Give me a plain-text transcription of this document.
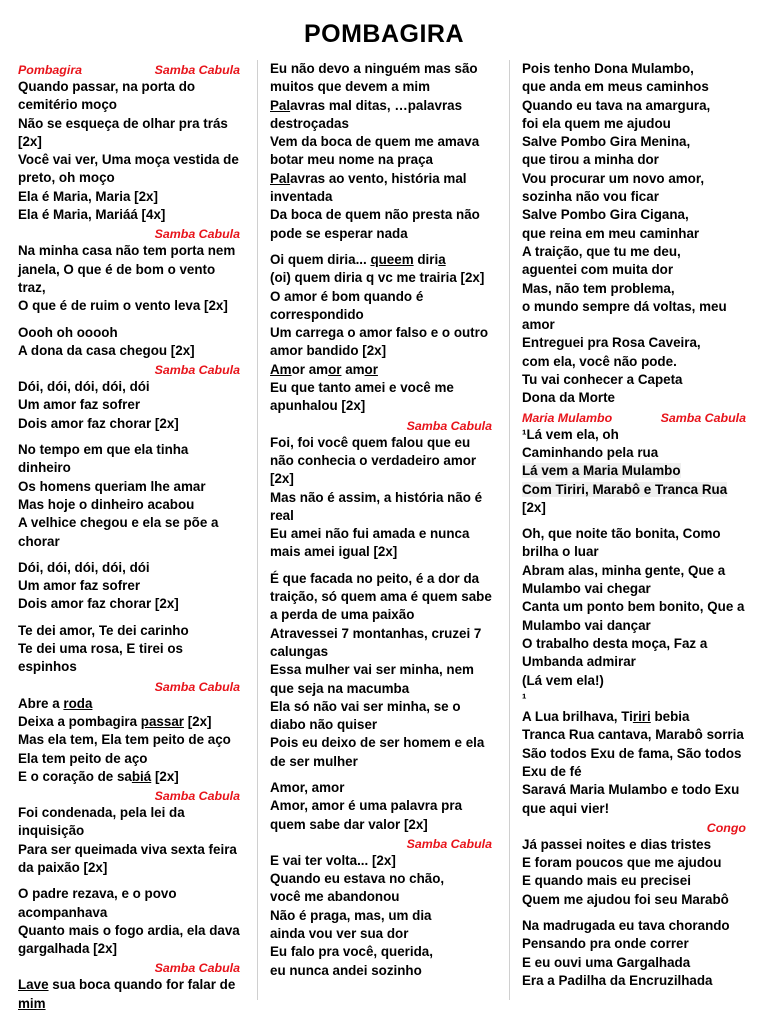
POMBAGIRA
Pombagira	Samba Cabula
Quando passar, na porta do cemitério moço
Não se esqueça de olhar pra trás [2x]
Você vai ver, Uma moça vestida de preto, oh moço
Ela é Maria, Maria [2x]
Ela é Maria, Mariáá [4x]
Samba Cabula
Na minha casa não tem porta nem janela, O que é de bom o vento traz,
O que é de ruim o vento leva [2x]
Oooh oh ooooh
A dona da casa chegou [2x]
Samba Cabula
Dói, dói, dói, dói, dói
Um amor faz sofrer
Dois amor faz chorar [2x]
No tempo em que ela tinha dinheiro
Os homens queriam lhe amar
Mas hoje o dinheiro acabou
A velhice chegou e ela se põe a chorar
Dói, dói, dói, dói, dói
Um amor faz sofrer
Dois amor faz chorar [2x]
Te dei amor, Te dei carinho
Te dei uma rosa, E tirei os espinhos
Samba Cabula
Abre a roda
Deixa a pombagira passar [2x]
Mas ela tem, Ela tem peito de aço
Ela tem peito de aço
E o coração de sabiá [2x]
Samba Cabula
Foi condenada, pela lei da inquisição
Para ser queimada viva sexta feira da paixão [2x]
O padre rezava, e o povo acompanhava
Quanto mais o fogo ardia, ela dava gargalhada [2x]
Samba Cabula
Lave sua boca quando for falar de mim
Eu não devo a ninguém mas são muitos que devem a mim
Palavras mal ditas, …palavras destroçadas
Vem da boca de quem me amava
botar meu nome na praça
Palavras ao vento, história mal inventada
Da boca de quem não presta não pode se esperar nada
Oi quem diria... queem diria
(oi) quem diria q vc me trairia [2x]
O amor é bom quando é correspondido
Um carrega o amor falso e o outro amor bandido [2x]
Amor amor amor
Eu que tanto amei e você me apunhalou [2x]
Samba Cabula
Foi, foi você quem falou que eu não conhecia o verdadeiro amor [2x]
Mas não é assim, a história não é real
Eu amei não fui amada e nunca mais amei igual [2x]
É que facada no peito, é a dor da traição, só quem ama é quem sabe a perda de uma paixão
Atravessei 7 montanhas, cruzei 7 calungas
Essa mulher vai ser minha, nem que seja na macumba
Ela só não vai ser minha, se o diabo não quiser
Pois eu deixo de ser homem e ela de ser mulher
Amor, amor
Amor, amor é uma palavra pra quem sabe dar valor [2x]
Samba Cabula
E vai ter volta... [2x]
Quando eu estava no chão,
você me abandonou
Não é praga, mas, um dia
ainda vou ver sua dor
Eu falo pra você, querida,
eu nunca andei sozinho
Pois tenho Dona Mulambo,
que anda em meus caminhos
Quando eu tava na amargura,
foi ela quem me ajudou
Salve Pombo Gira Menina,
que tirou a minha dor
Vou procurar um novo amor,
sozinha não vou ficar
Salve Pombo Gira Cigana,
que reina em meu caminhar
A traição, que tu me deu,
aguentei com muita dor
Mas, não tem problema,
o mundo sempre dá voltas, meu amor
Entreguei pra Rosa Caveira,
com ela, você não pode.
Tu vai conhecer a Capeta
Dona da Morte
Maria Mulambo	Samba Cabula
¹Lá vem ela, oh
Caminhando pela rua
Lá vem a Maria Mulambo
Com Tiriri, Marabô e Tranca Rua
[2x]
Oh, que noite tão bonita, Como brilha o luar
Abram alas, minha gente, Que a Mulambo vai chegar
Canta um ponto bem bonito, Que a Mulambo vai dançar
O trabalho desta moça, Faz a Umbanda admirar
(Lá vem ela!)
¹
A Lua brilhava, Tiriri bebia
Tranca Rua cantava, Marabô sorria
São todos Exu de fama, São todos Exu de fé
Saravá Maria Mulambo e todo Exu que aqui vier!
Congo
Já passei noites e dias tristes
E foram poucos que me ajudou
E quando mais eu precisei
Quem me ajudou foi seu Marabô
Na madrugada eu tava chorando
Pensando pra onde correr
E eu ouvi uma Gargalhada
Era a Padilha da Encruzilhada
